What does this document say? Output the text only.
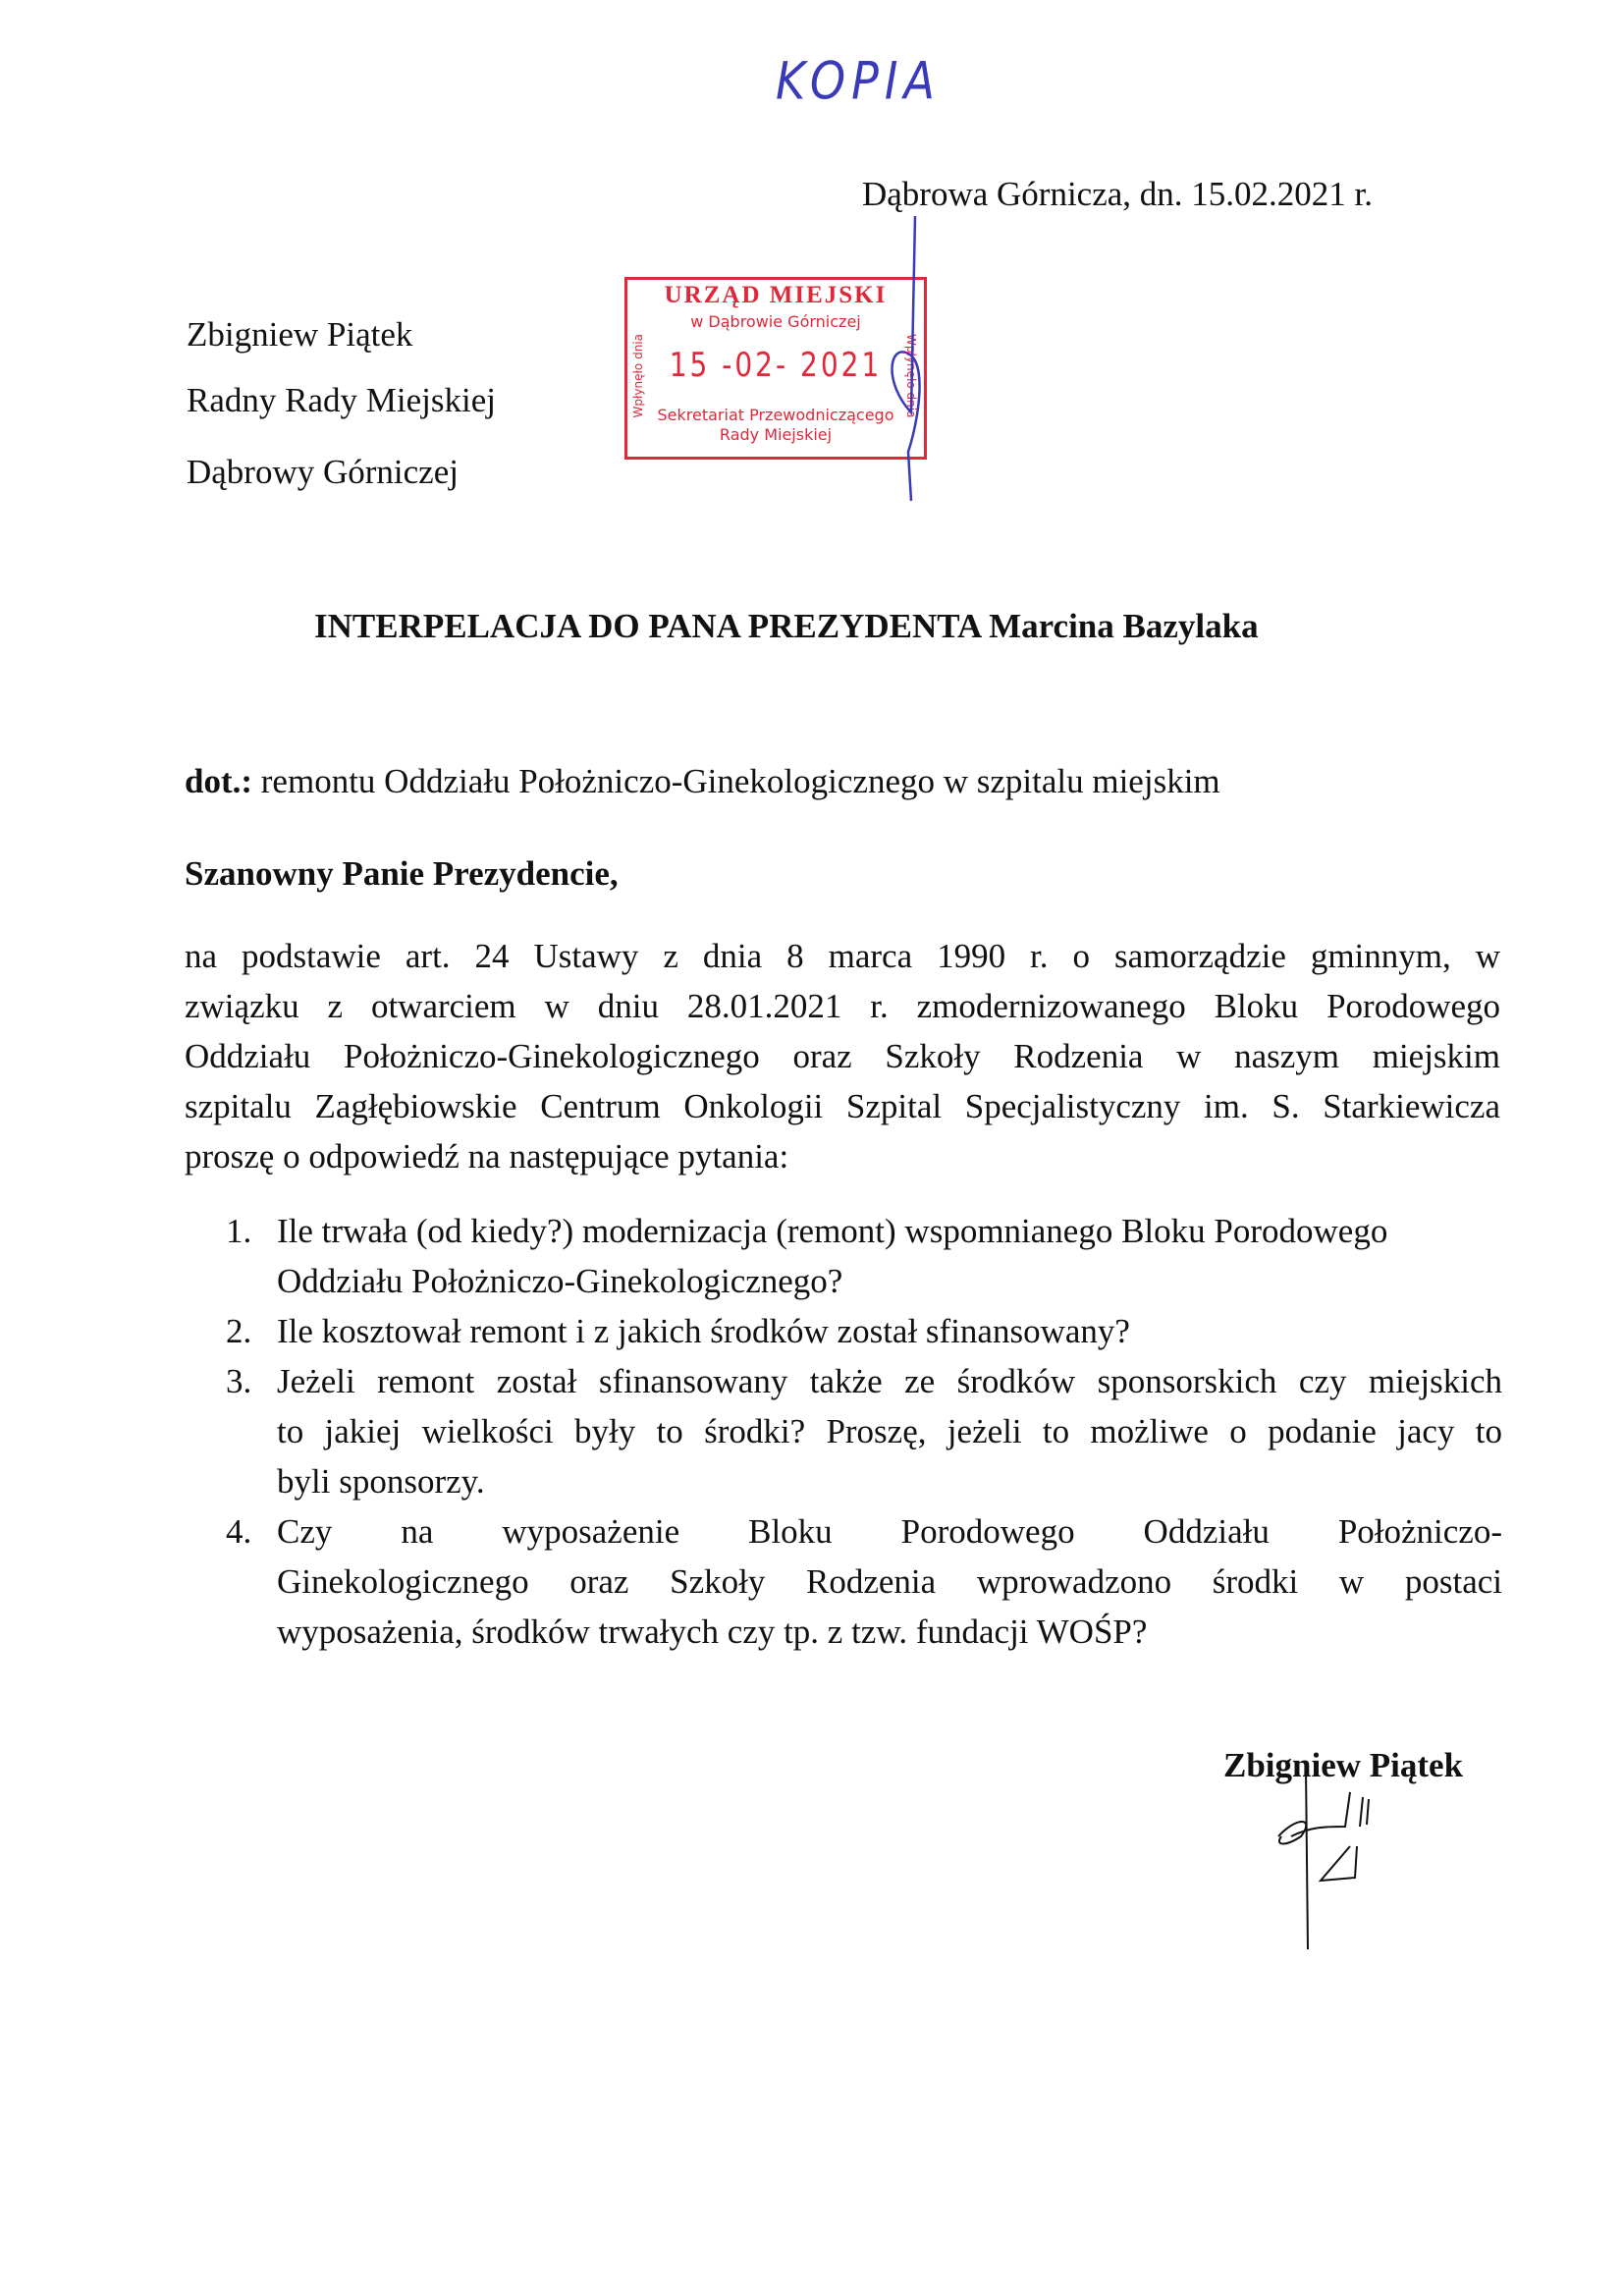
KOPIA
Dąbrowa Górnicza, dn. 15.02.2021 r.
Zbigniew Piątek
Radny Rady Miejskiej
Dąbrowy Górniczej
URZĄD MIEJSKI
w Dąbrowie Górniczej
Wpłynęło dnia 15 -02- 2021	Wpłynęło dnia
Sekretariat Przewodniczącego
Rady Miejskiej
INTERPELACJA DO PANA PREZYDENTA Marcina Bazylaka
dot.: remontu Oddziału Położniczo-Ginekologicznego w szpitalu miejskim
Szanowny Panie Prezydencie,
na podstawie art. 24 Ustawy z dnia 8 marca 1990 r. o samorządzie gminnym, w
związku z otwarciem w dniu 28.01.2021 r. zmodernizowanego Bloku Porodowego
Oddziału Położniczo-Ginekologicznego oraz Szkoły Rodzenia w naszym miejskim
szpitalu Zagłębiowskie Centrum Onkologii Szpital Specjalistyczny im. S. Starkiewicza
proszę o odpowiedź na następujące pytania:
1. Ile trwała (od kiedy?) modernizacja (remont) wspomnianego Bloku Porodowego
Oddziału Położniczo-Ginekologicznego?
2. Ile kosztował remont i z jakich środków został sfinansowany?
3. Jeżeli remont został sfinansowany także ze środków sponsorskich czy miejskich
to jakiej wielkości były to środki? Proszę, jeżeli to możliwe o podanie jacy to
byli sponsorzy.
4. Czy na wyposażenie Bloku Porodowego Oddziału Położniczo-
Ginekologicznego oraz Szkoły Rodzenia wprowadzono środki w postaci
wyposażenia, środków trwałych czy tp. z tzw. fundacji WOŚP?
Zbigniew Piątek
